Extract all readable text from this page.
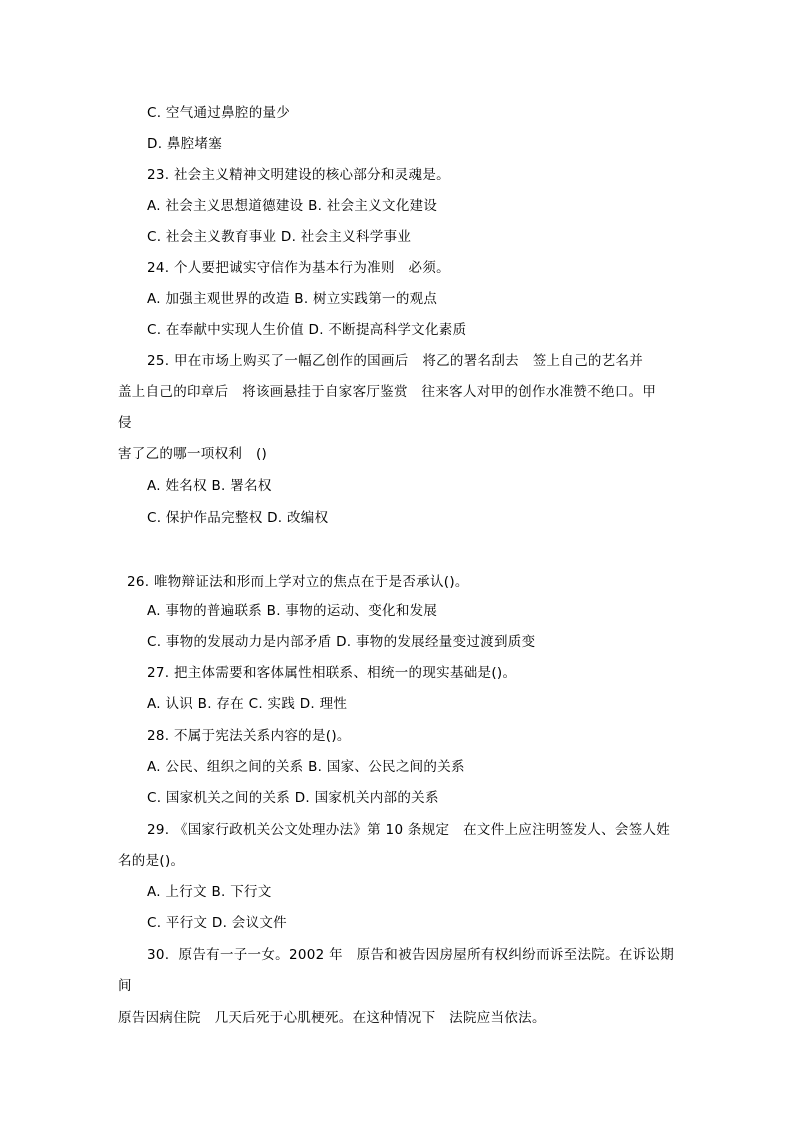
C. 空气通过鼻腔的量少
D. 鼻腔堵塞
23. 社会主义精神文明建设的核心部分和灵魂是。
A. 社会主义思想道德建设 B. 社会主义文化建设
C. 社会主义教育事业 D. 社会主义科学事业
24. 个人要把诚实守信作为基本行为准则   必须。
A. 加强主观世界的改造 B. 树立实践第一的观点
C. 在奉献中实现人生价值 D. 不断提高科学文化素质
25. 甲在市场上购买了一幅乙创作的国画后   将乙的署名刮去   签上自己的艺名并
盖上自己的印章后   将该画悬挂于自家客厅鉴赏   往来客人对甲的创作水准赞不绝口。甲
侵
害了乙的哪一项权利   ()
A. 姓名权 B. 署名权
C. 保护作品完整权 D. 改编权
26. 唯物辩证法和形而上学对立的焦点在于是否承认()。
A. 事物的普遍联系 B. 事物的运动、变化和发展
C. 事物的发展动力是内部矛盾 D. 事物的发展经量变过渡到质变
27. 把主体需要和客体属性相联系、相统一的现实基础是()。
A. 认识 B. 存在 C. 实践 D. 理性
28. 不属于宪法关系内容的是()。
A. 公民、组织之间的关系 B. 国家、公民之间的关系
C. 国家机关之间的关系 D. 国家机关内部的关系
29. 《国家行政机关公文处理办法》第 10 条规定   在文件上应注明签发人、会签人姓
名的是()。
A. 上行文 B. 下行文
C. 平行文 D. 会议文件
30.  原告有一子一女。2002 年   原告和被告因房屋所有权纠纷而诉至法院。在诉讼期
间
原告因病住院   几天后死于心肌梗死。在这种情况下   法院应当依法。
